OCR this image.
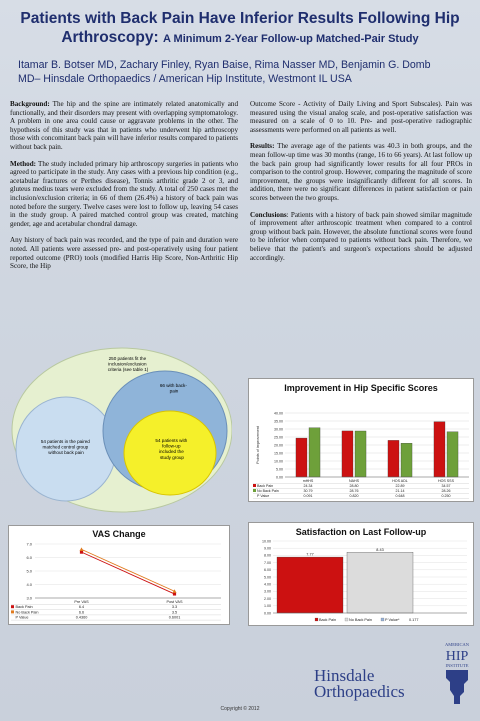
Patients with Back Pain Have Inferior Results Following Hip
Arthroscopy: A Minimum 2-Year Follow-up Matched-Pair Study
Itamar B. Botser MD, Zachary Finley, Ryan Baise, Rima Nasser MD, Benjamin G. Domb
MD– Hinsdale Orthopaedics / American Hip Institute, Westmont IL USA

Background: The hip and the spine are intimately related anatomically and functionally, and their disorders may present with overlapping symptomatology. A problem in one area could cause or aggravate problems in the other. The hypothesis of this study was that in patients who underwent hip arthroscopy those with concomitant back pain will have inferior results compared to patients without back pain.

Method: The study included primary hip arthroscopy surgeries in patients who agreed to participate in the study. Any cases with a previous hip condition (e.g., acetabular fractures or Perthes disease), Tonnis arthritic grade 2 or 3, and gluteus medius tears were excluded from the study. A total of 250 cases met the inclusion/exclusion criteria; in 66 of them (26.4%) a history of back pain was noted before the surgery. Twelve cases were lost to follow up, leaving 54 cases in the study group. A paired matched control group was created, matching gender, age and acetabular chondral damage.

Any history of back pain was recorded, and the type of pain and duration were noted. All patients were assessed pre- and post-operatively using four patient reported outcome (PRO) tools (modified Harris Hip Score, Non-Arthritic Hip Score, the Hip

Outcome Score - Activity of Daily Living and Sport Subscales). Pain was measured using the visual analog scale, and post-operative satisfaction was measured on a scale of 0 to 10. Pre- and post-operative radiographic assessments were performed on all patients as well.

Results: The average age of the patients was 40.3 in both groups, and the mean follow-up time was 30 months (range, 16 to 66 years). At last follow up the back pain group had significantly lower results for all four PROs in comparison to the control group. However, comparing the magnitude of score improvement, the groups were insignificantly different for all scores. In addition, there were no significant differences in patient satisfaction or pain scores between the two groups.

Conclusions: Patients with a history of back pain showed similar magnitude of improvement after arthroscopic treatment when compared to a control group without back pain. However, the absolute functional scores were found to be inferior when compared to patients without back pain. Therefore, we believe that the patient's and surgeon's expectations should be adjusted accordingly.

250 patients fit the inclusion/exclusion criteria (see table 1)
66 with back- pain
54 patients with follow-up included the study group
54 patients in the paired matched control group without back pain
Improvement in Hip Specific Scores
0.00
5.00
10.00
15.00
20.00
25.00
30.00
35.00
40.00
Points of improvement
mHHS	NAHS	HOS ADL	HOS SSS
Back Pain	24.34	28.80	22.89	34.57
No Back Pain	30.79	28.76	21.14	28.26
P Value	0.091	0.820	0.648	0.250
VAS Change
3.0
4.0
5.0
6.0
7.0
Pre VAS	Post VAS
Back Pain	6.4	3.3
No Back Pain	6.6	3.5
P Value	0.4360	0.6001
Satisfaction on Last Follow-up
0.00
1.00
2.00
3.00
4.00
5.00
6.00
7.00
8.00
9.00
10.00
7.77
8.43
Back Pain	No Back Pain	P Value*	0.177
Hinsdale
Orthopaedics
AMERICAN
HIP
INSTITUTE
Copyright © 2012
